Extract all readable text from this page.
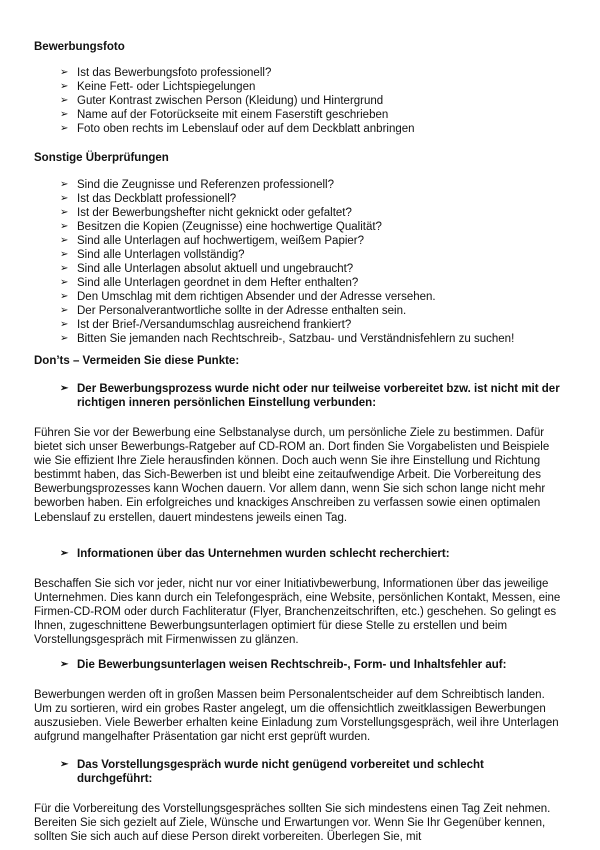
Bewerbungsfoto
➢ Ist das Bewerbungsfoto professionell?
➢ Keine Fett- oder Lichtspiegelungen
➢ Guter Kontrast zwischen Person (Kleidung) und Hintergrund
➢ Name auf der Fotorückseite mit einem Faserstift geschrieben
➢ Foto oben rechts im Lebenslauf oder auf dem Deckblatt anbringen
Sonstige Überprüfungen
➢ Sind die Zeugnisse und Referenzen professionell?
➢ Ist das Deckblatt professionell?
➢ Ist der Bewerbungshefter nicht geknickt oder gefaltet?
➢ Besitzen die Kopien (Zeugnisse) eine hochwertige Qualität?
➢ Sind alle Unterlagen auf hochwertigem, weißem Papier?
➢ Sind alle Unterlagen vollständig?
➢ Sind alle Unterlagen absolut aktuell und ungebraucht?
➢ Sind alle Unterlagen geordnet in dem Hefter enthalten?
➢ Den Umschlag mit dem richtigen Absender und der Adresse versehen.
➢ Der Personalverantwortliche sollte in der Adresse enthalten sein.
➢ Ist der Brief-/Versandumschlag ausreichend frankiert?
➢ Bitten Sie jemanden nach Rechtschreib-, Satzbau- und Verständnisfehlern zu suchen!
Don’ts – Vermeiden Sie diese Punkte:
➢ Der Bewerbungsprozess wurde nicht oder nur teilweise vorbereitet bzw. ist nicht mit der richtigen inneren persönlichen Einstellung verbunden:

Führen Sie vor der Bewerbung eine Selbstanalyse durch, um persönliche Ziele zu bestimmen. Dafür bietet sich unser Bewerbungs-Ratgeber auf CD-ROM an. Dort finden Sie Vorgabelisten und Beispiele wie Sie effizient Ihre Ziele herausfinden können. Doch auch wenn Sie ihre Einstellung und Richtung bestimmt haben, das Sich-Bewerben ist und bleibt eine zeitaufwendige Arbeit. Die Vorbereitung des Bewerbungsprozesses kann Wochen dauern. Vor allem dann, wenn Sie sich schon lange nicht mehr beworben haben. Ein erfolgreiches und knackiges Anschreiben zu verfassen sowie einen optimalen Lebenslauf zu erstellen, dauert mindestens jeweils einen Tag.

➢ Informationen über das Unternehmen wurden schlecht recherchiert:

Beschaffen Sie sich vor jeder, nicht nur vor einer Initiativbewerbung, Informationen über das jeweilige Unternehmen. Dies kann durch ein Telefongespräch, eine Website, persönlichen Kontakt, Messen, eine Firmen-CD-ROM oder durch Fachliteratur (Flyer, Branchenzeitschriften, etc.) geschehen. So gelingt es Ihnen, zugeschnittene Bewerbungsunterlagen optimiert für diese Stelle zu erstellen und beim Vorstellungsgespräch mit Firmenwissen zu glänzen.

➢ Die Bewerbungsunterlagen weisen Rechtschreib-, Form- und Inhaltsfehler auf:

Bewerbungen werden oft in großen Massen beim Personalentscheider auf dem Schreibtisch landen. Um zu sortieren, wird ein grobes Raster angelegt, um die offensichtlich zweitklassigen Bewerbungen auszusieben. Viele Bewerber erhalten keine Einladung zum Vorstellungsgespräch, weil ihre Unterlagen aufgrund mangelhafter Präsentation gar nicht erst geprüft wurden.

➢ Das Vorstellungsgespräch wurde nicht genügend vorbereitet und schlecht durchgeführt:

Für die Vorbereitung des Vorstellungsgespräches sollten Sie sich mindestens einen Tag Zeit nehmen. Bereiten Sie sich gezielt auf Ziele, Wünsche und Erwartungen vor. Wenn Sie Ihr Gegenüber kennen, sollten Sie sich auch auf diese Person direkt vorbereiten. Überlegen Sie, mit
